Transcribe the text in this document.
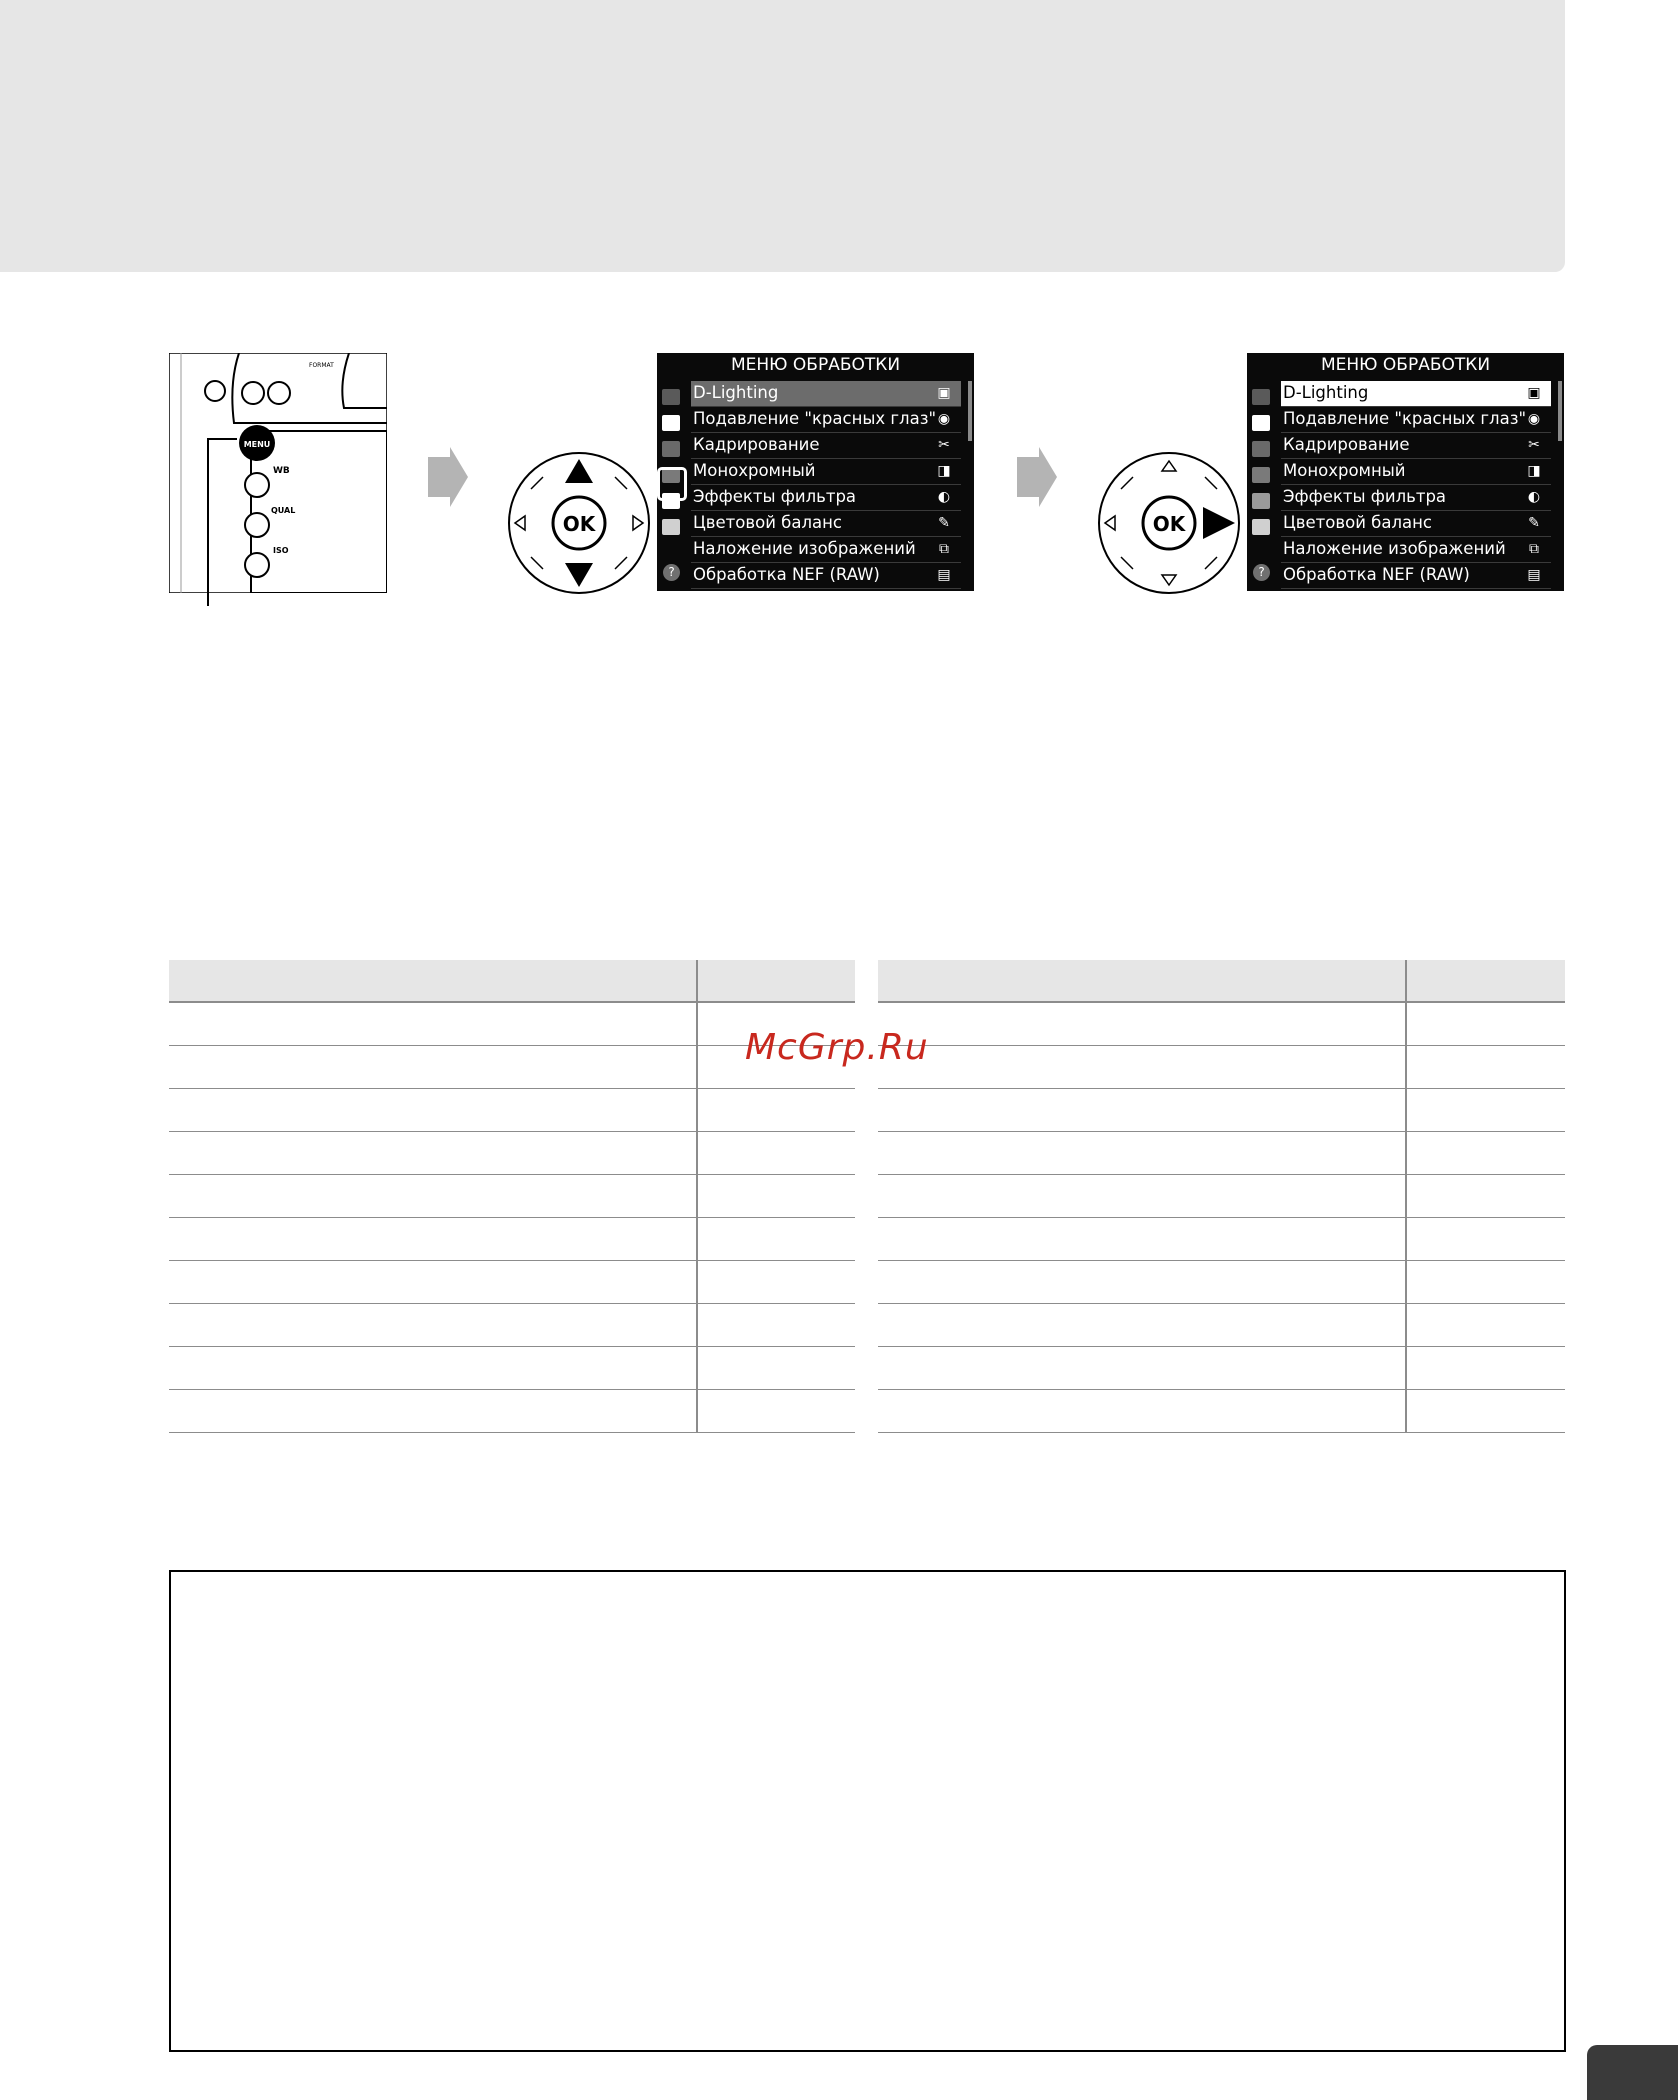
MENU
WB
QUAL
ISO
FORMAT
OK	OK
МЕНЮ ОБРАБОТКИ
D-Lighting	▣
Подавление "красных глаз" ◉
Кадрирование	✂
Монохромный	◨
Эффекты фильтра	◐
Цветовой баланс	✎
Наложение изображений	⧉
Обработка NEF (RAW)	▤
?
МЕНЮ ОБРАБОТКИ
D-Lighting	▣
Подавление "красных глаз" ◉
Кадрирование	✂
Монохромный	◨
Эффекты фильтра	◐
Цветовой баланс	✎
Наложение изображений	⧉
Обработка NEF (RAW)	▤
?
McGrp.Ru
